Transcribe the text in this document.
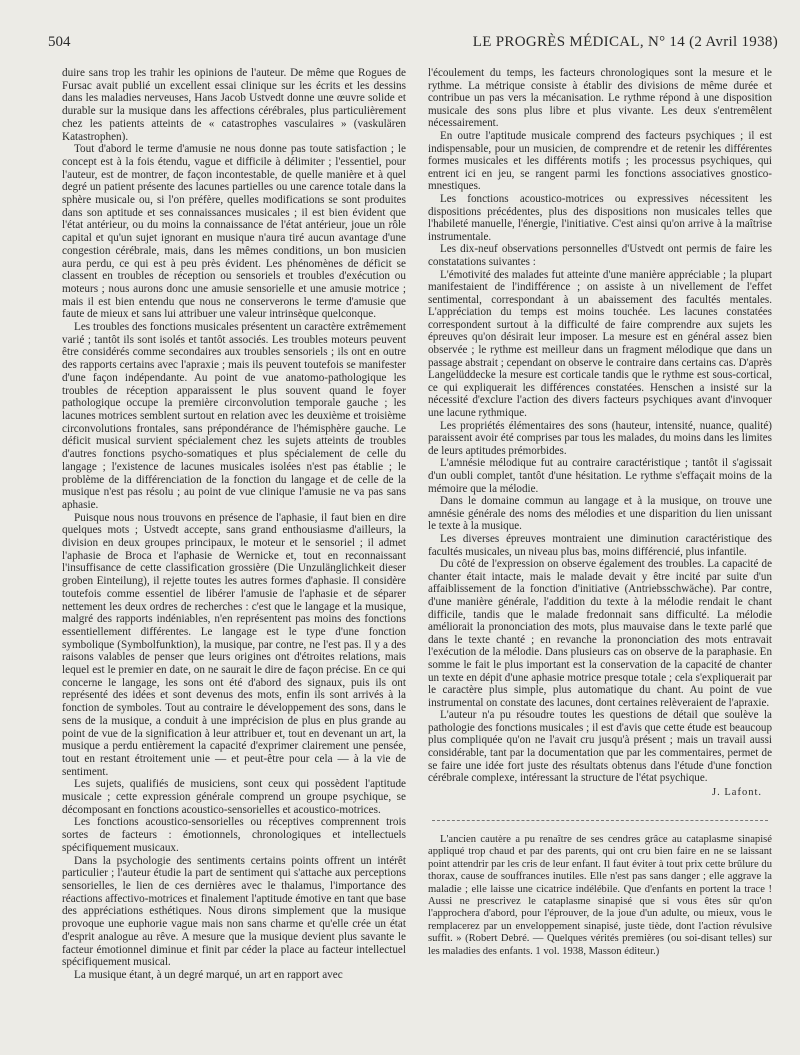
504	LE PROGRÈS MÉDICAL, N° 14 (2 Avril 1938)

duire sans trop les trahir les opinions de l'auteur. De même que Rogues de Fursac avait publié un excellent essai clinique sur les écrits et les dessins dans les maladies nerveuses, Hans Jacob Ustvedt donne une œuvre solide et durable sur la musique dans les affections cérébrales, plus particulièrement chez les patients atteints de « catastrophes vasculaires » (vaskulären Katastrophen).

Tout d'abord le terme d'amusie ne nous donne pas toute satisfaction ; le concept est à la fois étendu, vague et difficile à délimiter ; l'essentiel, pour l'auteur, est de montrer, de façon incontestable, de quelle manière et à quel degré un patient présente des lacunes partielles ou une carence totale dans la sphère musicale ou, si l'on préfère, quelles modifications se sont produites dans son aptitude et ses connaissances musicales ; il est bien évident que l'état antérieur, ou du moins la connaissance de l'état antérieur, joue un rôle capital et qu'un sujet ignorant en musique n'aura tiré aucun avantage d'une congestion cérébrale, mais, dans les mêmes conditions, un bon musicien aura perdu, ce qui est à peu près évident. Les phénomènes de déficit se classent en troubles de réception ou sensoriels et troubles d'exécution ou moteurs ; nous aurons donc une amusie sensorielle et une amusie motrice ; mais il est bien entendu que nous ne conserverons le terme d'amusie que faute de mieux et sans lui attribuer une valeur intrinsèque quelconque.

Les troubles des fonctions musicales présentent un caractère extrêmement varié ; tantôt ils sont isolés et tantôt associés. Les troubles moteurs peuvent être considérés comme secondaires aux troubles sensoriels ; ils ont en outre des rapports certains avec l'apraxie ; mais ils peuvent toutefois se manifester d'une façon indépendante. Au point de vue anatomo-pathologique les troubles de réception apparaissent le plus souvent quand le foyer pathologique occupe la première circonvolution temporale gauche ; les lacunes motrices semblent surtout en relation avec les deuxième et troisième circonvolutions frontales, sans prépondérance de l'hémisphère gauche. Le déficit musical survient spécialement chez les sujets atteints de troubles d'autres fonctions psycho-somatiques et plus spécialement de celle du langage ; l'existence de lacunes musicales isolées n'est pas établie ; le problème de la différenciation de la fonction du langage et de celle de la musique n'est pas résolu ; au point de vue clinique l'amusie ne va pas sans aphasie.

Puisque nous nous trouvons en présence de l'aphasie, il faut bien en dire quelques mots ; Ustvedt accepte, sans grand enthousiasme d'ailleurs, la division en deux groupes principaux, le moteur et le sensoriel ; il admet l'aphasie de Broca et l'aphasie de Wernicke et, tout en reconnaissant l'insuffisance de cette classification grossière (Die Unzulänglichkeit dieser groben Einteilung), il rejette toutes les autres formes d'aphasie. Il considère toutefois comme essentiel de libérer l'amusie de l'aphasie et de séparer nettement les deux ordres de recherches : c'est que le langage et la musique, malgré des rapports indéniables, n'en représentent pas moins des fonctions essentiellement différentes. Le langage est le type d'une fonction symbolique (Symbolfunktion), la musique, par contre, ne l'est pas. Il y a des raisons valables de penser que leurs origines ont d'étroites relations, mais lequel est le premier en date, on ne saurait le dire de façon précise. En ce qui concerne le langage, les sons ont été d'abord des signaux, puis ils ont représenté des idées et sont devenus des mots, enfin ils sont arrivés à la fonction de symboles. Tout au contraire le développement des sons, dans le sens de la musique, a conduit à une imprécision de plus en plus grande au point de vue de la signification à leur attribuer et, tout en devenant un art, la musique a perdu entièrement la capacité d'exprimer clairement une pensée, tout en restant étroitement unie — et peut-être pour cela — à la vie de sentiment.

Les sujets, qualifiés de musiciens, sont ceux qui possèdent l'aptitude musicale ; cette expression générale comprend un groupe psychique, se décomposant en fonctions acoustico-sensorielles et acoustico-motrices.

Les fonctions acoustico-sensorielles ou réceptives comprennent trois sortes de facteurs : émotionnels, chronologiques et intellectuels spécifiquement musicaux.

Dans la psychologie des sentiments certains points offrent un intérêt particulier ; l'auteur étudie la part de sentiment qui s'attache aux perceptions sensorielles, le lien de ces dernières avec le thalamus, l'importance des réactions affectivo-motrices et finalement l'aptitude émotive en tant que base des appréciations esthétiques. Nous dirons simplement que la musique provoque une euphorie vague mais non sans charme et qu'elle crée un état d'esprit analogue au rêve. A mesure que la musique devient plus savante le facteur émotionnel diminue et finit par céder la place au facteur intellectuel spécifiquement musical.

La musique étant, à un degré marqué, un art en rapport avec

l'écoulement du temps, les facteurs chronologiques sont la mesure et le rythme. La métrique consiste à établir des divisions de même durée et contribue un pas vers la mécanisation. Le rythme répond à une disposition musicale des sons plus libre et plus vivante. Les deux s'entremêlent nécessairement.

En outre l'aptitude musicale comprend des facteurs psychiques ; il est indispensable, pour un musicien, de comprendre et de retenir les différentes formes musicales et les différents motifs ; les processus psychiques, qui entrent ici en jeu, se rangent parmi les fonctions associatives gnostico-mnestiques.

Les fonctions acoustico-motrices ou expressives nécessitent les dispositions précédentes, plus des dispositions non musicales telles que l'habileté manuelle, l'énergie, l'initiative. C'est ainsi qu'on arrive à la maîtrise instrumentale.

Les dix-neuf observations personnelles d'Ustvedt ont permis de faire les constatations suivantes :

L'émotivité des malades fut atteinte d'une manière appréciable ; la plupart manifestaient de l'indifférence ; on assiste à un nivellement de l'effet sentimental, correspondant à un abaissement des facultés mentales. L'appréciation du temps est moins touchée. Les lacunes constatées correspondent surtout à la difficulté de faire comprendre aux sujets les épreuves qu'on désirait leur imposer. La mesure est en général assez bien observée ; le rythme est meilleur dans un fragment mélodique que dans un passage abstrait ; cependant on observe le contraire dans certains cas. D'après Langelüddecke la mesure est corticale tandis que le rythme est sous-cortical, ce qui expliquerait les différences constatées. Henschen a insisté sur la nécessité d'exclure l'action des divers facteurs psychiques avant d'invoquer une lacune rythmique.

Les propriétés élémentaires des sons (hauteur, intensité, nuance, qualité) paraissent avoir été comprises par tous les malades, du moins dans les limites de leurs aptitudes prémorbides.

L'amnésie mélodique fut au contraire caractéristique ; tantôt il s'agissait d'un oubli complet, tantôt d'une hésitation. Le rythme s'effaçait moins de la mémoire que la mélodie.

Dans le domaine commun au langage et à la musique, on trouve une amnésie générale des noms des mélodies et une disparition du lien unissant le texte à la musique.

Les diverses épreuves montraient une diminution caractéristique des facultés musicales, un niveau plus bas, moins différencié, plus infantile.

Du côté de l'expression on observe également des troubles. La capacité de chanter était intacte, mais le malade devait y être incité par suite d'un affaiblissement de la fonction d'initiative (Antriebsschwäche). Par contre, d'une manière générale, l'addition du texte à la mélodie rendait le chant difficile, tandis que le malade fredonnait sans difficulté. La mélodie améliorait la prononciation des mots, plus mauvaise dans le texte parlé que dans le texte chanté ; en revanche la prononciation des mots entravait l'exécution de la mélodie. Dans plusieurs cas on observe de la paraphasie. En somme le fait le plus important est la conservation de la capacité de chanter un texte en dépit d'une aphasie motrice presque totale ; cela s'expliquerait par le caractère plus simple, plus automatique du chant. Au point de vue instrumental on constate des lacunes, dont certaines relèveraient de l'apraxie.

L'auteur n'a pu résoudre toutes les questions de détail que soulève la pathologie des fonctions musicales ; il est d'avis que cette étude est beaucoup plus compliquée qu'on ne l'avait cru jusqu'à présent ; mais un travail aussi considérable, tant par la documentation que par les commentaires, permet de se faire une idée fort juste des résultats obtenus dans l'étude d'une fonction cérébrale complexe, intéressant la structure de l'état psychique.

J. Lafont.

L'ancien cautère a pu renaître de ses cendres grâce au cataplasme sinapisé appliqué trop chaud et par des parents, qui ont cru bien faire en ne se laissant point attendrir par les cris de leur enfant. Il faut éviter à tout prix cette brûlure du thorax, cause de souffrances inutiles. Elle n'est pas sans danger ; elle aggrave la maladie ; elle laisse une cicatrice indélébile. Que d'enfants en portent la trace ! Aussi ne prescrivez le cataplasme sinapisé que si vous êtes sûr qu'on l'approchera d'abord, pour l'éprouver, de la joue d'un adulte, ou mieux, vous le remplacerez par un enveloppement sinapisé, juste tiède, dont l'action révulsive suffit. » (Robert Debré. — Quelques vérités premières (ou soi-disant telles) sur les maladies des enfants. 1 vol. 1938, Masson éditeur.)
